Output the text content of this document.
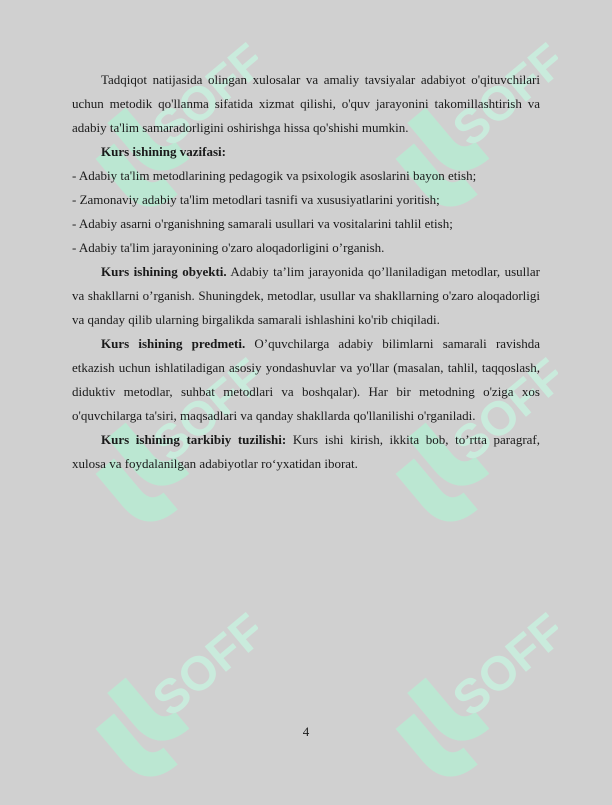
SOFF	SOFF
SOFF	SOFF
SOFF	SOFF

Tadqiqot natijasida olingan xulosalar va amaliy tavsiyalar adabiyot o'qituvchilari uchun metodik qo'llanma sifatida xizmat qilishi, o'quv jarayonini takomillashtirish va adabiy ta'lim samaradorligini oshirishga hissa qo'shishi mumkin.

Kurs ishining vazifasi:

- Adabiy ta'lim metodlarining pedagogik va psixologik asoslarini bayon etish;

- Zamonaviy adabiy ta'lim metodlari tasnifi va xususiyatlarini yoritish;

- Adabiy asarni o'rganishning samarali usullari va vositalarini tahlil etish;

- Adabiy ta'lim jarayonining o'zaro aloqadorligini o’rganish.

Kurs ishining obyekti. Adabiy ta’lim jarayonida qo’llaniladigan metodlar, usullar va shakllarni o’rganish. Shuningdek, metodlar, usullar va shakllarning o'zaro aloqadorligi va qanday qilib ularning birgalikda samarali ishlashini ko'rib chiqiladi.

Kurs ishining predmeti. O’quvchilarga adabiy bilimlarni samarali ravishda etkazish uchun ishlatiladigan asosiy yondashuvlar va yo'llar (masalan, tahlil, taqqoslash, diduktiv metodlar, suhbat metodlari va boshqalar). Har bir metodning o'ziga xos o'quvchilarga ta'siri, maqsadlari va qanday shakllarda qo'llanilishi o'rganiladi.

Kurs ishining tarkibiy tuzilishi: Kurs ishi kirish, ikkita bob, to’rtta paragraf, xulosa va foydalanilgan adabiyotlar ro‘yxatidan iborat.

4
